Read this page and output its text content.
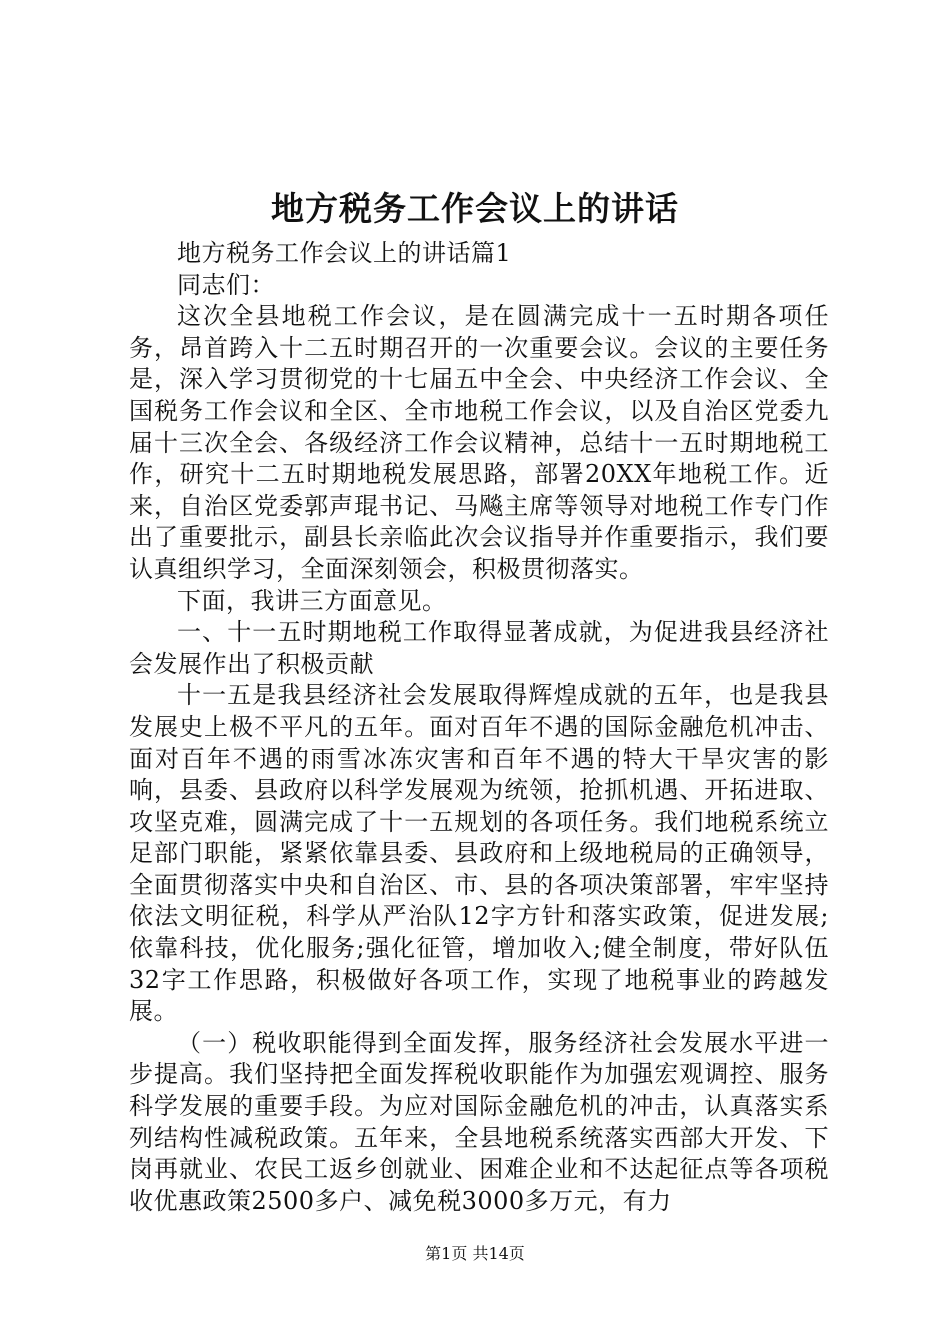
地方税务工作会议上的讲话

地方税务工作会议上的讲话篇1

同志们：

这次全县地税工作会议，是在圆满完成十一五时期各项任务，昂首跨入十二五时期召开的一次重要会议。会议的主要任务是，深入学习贯彻党的十七届五中全会、中央经济工作会议、全国税务工作会议和全区、全市地税工作会议，以及自治区党委九届十三次全会、各级经济工作会议精神，总结十一五时期地税工作，研究十二五时期地税发展思路，部署20XX年地税工作。近来，自治区党委郭声琨书记、马飚主席等领导对地税工作专门作出了重要批示，副县长亲临此次会议指导并作重要指示，我们要认真组织学习，全面深刻领会，积极贯彻落实。

下面，我讲三方面意见。

一、十一五时期地税工作取得显著成就，为促进我县经济社会发展作出了积极贡献

十一五是我县经济社会发展取得辉煌成就的五年，也是我县发展史上极不平凡的五年。面对百年不遇的国际金融危机冲击、面对百年不遇的雨雪冰冻灾害和百年不遇的特大干旱灾害的影响，县委、县政府以科学发展观为统领，抢抓机遇、开拓进取、攻坚克难，圆满完成了十一五规划的各项任务。我们地税系统立足部门职能，紧紧依靠县委、县政府和上级地税局的正确领导，全面贯彻落实中央和自治区、市、县的各项决策部署，牢牢坚持依法文明征税，科学从严治队12字方针和落实政策，促进发展;依靠科技，优化服务;强化征管，增加收入;健全制度，带好队伍32字工作思路，积极做好各项工作，实现了地税事业的跨越发展。

（一）税收职能得到全面发挥，服务经济社会发展水平进一步提高。我们坚持把全面发挥税收职能作为加强宏观调控、服务科学发展的重要手段。为应对国际金融危机的冲击，认真落实系列结构性减税政策。五年来，全县地税系统落实西部大开发、下岗再就业、农民工返乡创就业、困难企业和不达起征点等各项税收优惠政策2500多户、减免税3000多万元，有力

第1页 共14页
